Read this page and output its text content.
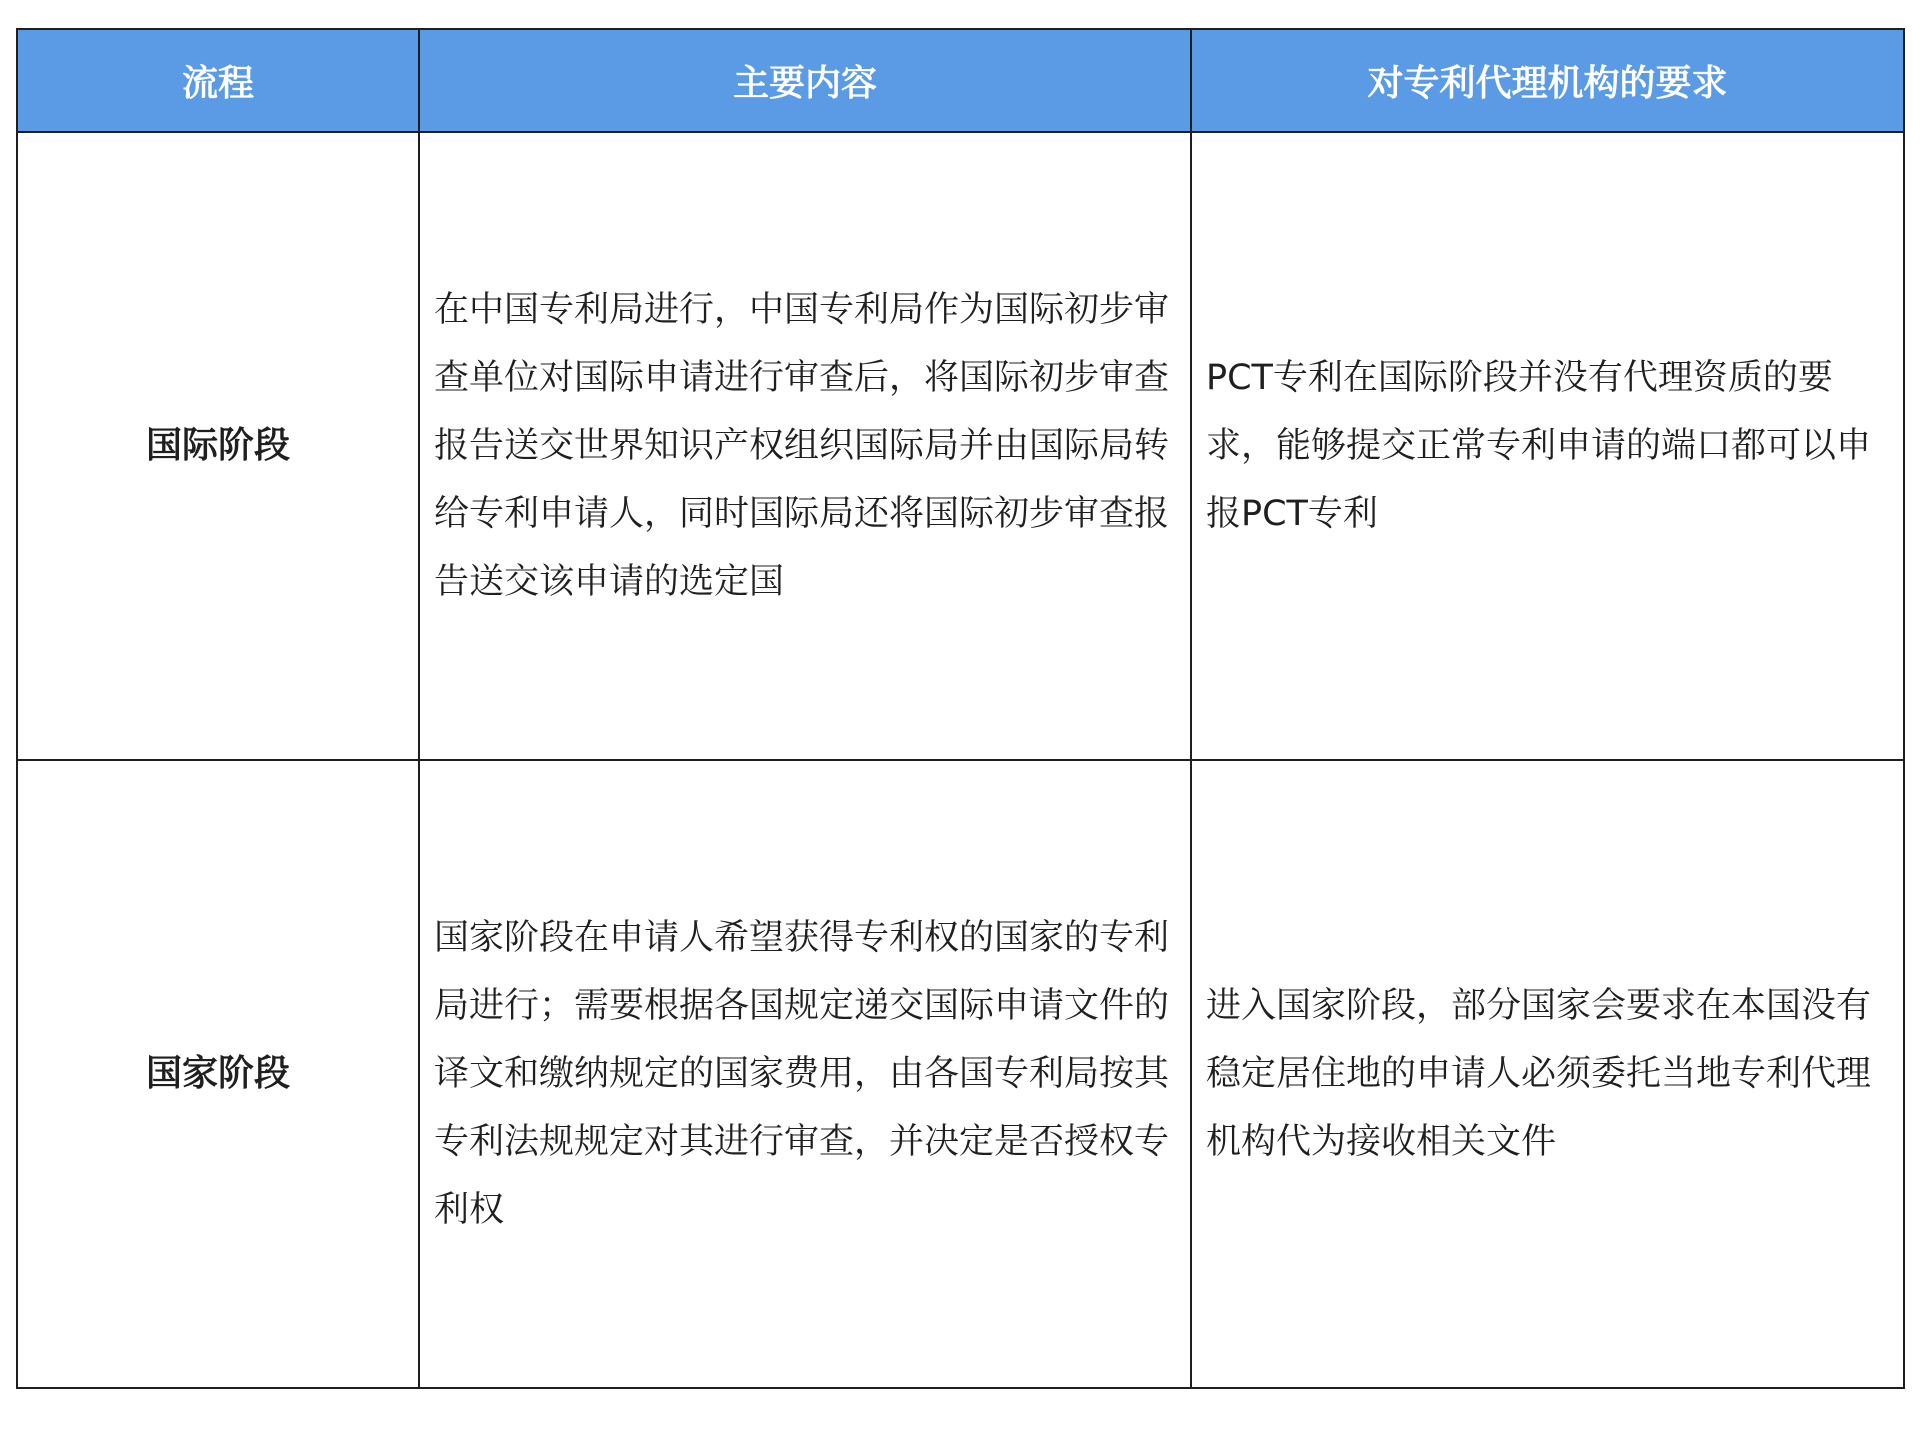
流程	主要内容	对专利代理机构的要求
国际阶段	在中国专利局进行，中国专利局作为国际初步审查单位对国际申请进行审查后，将国际初步审查报告送交世界知识产权组织国际局并由国际局转给专利申请人，同时国际局还将国际初步审查报告送交该申请的选定国	PCT专利在国际阶段并没有代理资质的要求，能够提交正常专利申请的端口都可以申报PCT专利

国家阶段	国家阶段在申请人希望获得专利权的国家的专利局进行；需要根据各国规定递交国际申请文件的译文和缴纳规定的国家费用，由各国专利局按其专利法规规定对其进行审查，并决定是否授权专利权	进入国家阶段，部分国家会要求在本国没有稳定居住地的申请人必须委托当地专利代理机构代为接收相关文件
